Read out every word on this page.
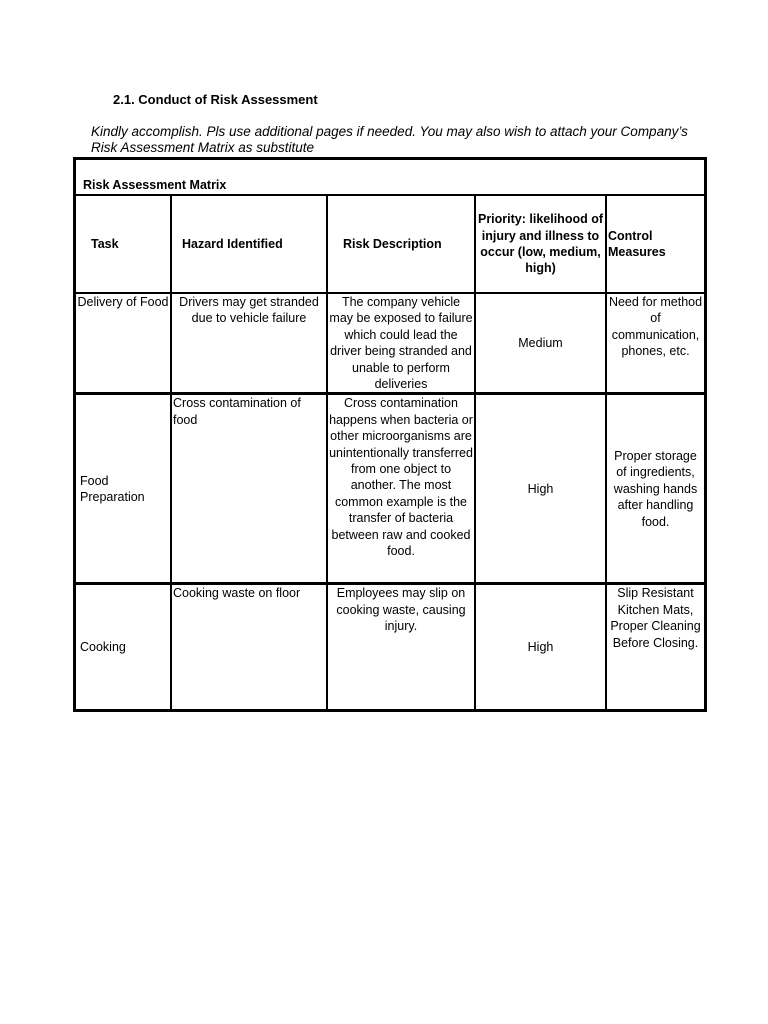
2.1. Conduct of Risk Assessment

Kindly accomplish. Pls use additional pages if needed. You may also wish to attach your Company’s Risk Assessment Matrix as substitute

Risk Assessment Matrix				
Task	Hazard Identified	Risk Description	Priority: likelihood of injury and illness to occur (low, medium, high)	Control Measures
Delivery of Food	Drivers may get stranded due to vehicle failure	The company vehicle may be exposed to failure which could lead the driver being stranded and unable to perform deliveries	Medium	Need for method of communication, phones, etc.
Food Preparation	Cross contamination of food	Cross contamination happens when bacteria or other microorganisms are unintentionally transferred from one object to another. The most common example is the transfer of bacteria between raw and cooked food.	High	Proper storage of ingredients, washing hands after handling food.
Cooking	Cooking waste on floor	Employees may slip on cooking waste, causing injury.	High	Slip Resistant Kitchen Mats, Proper Cleaning Before Closing.
